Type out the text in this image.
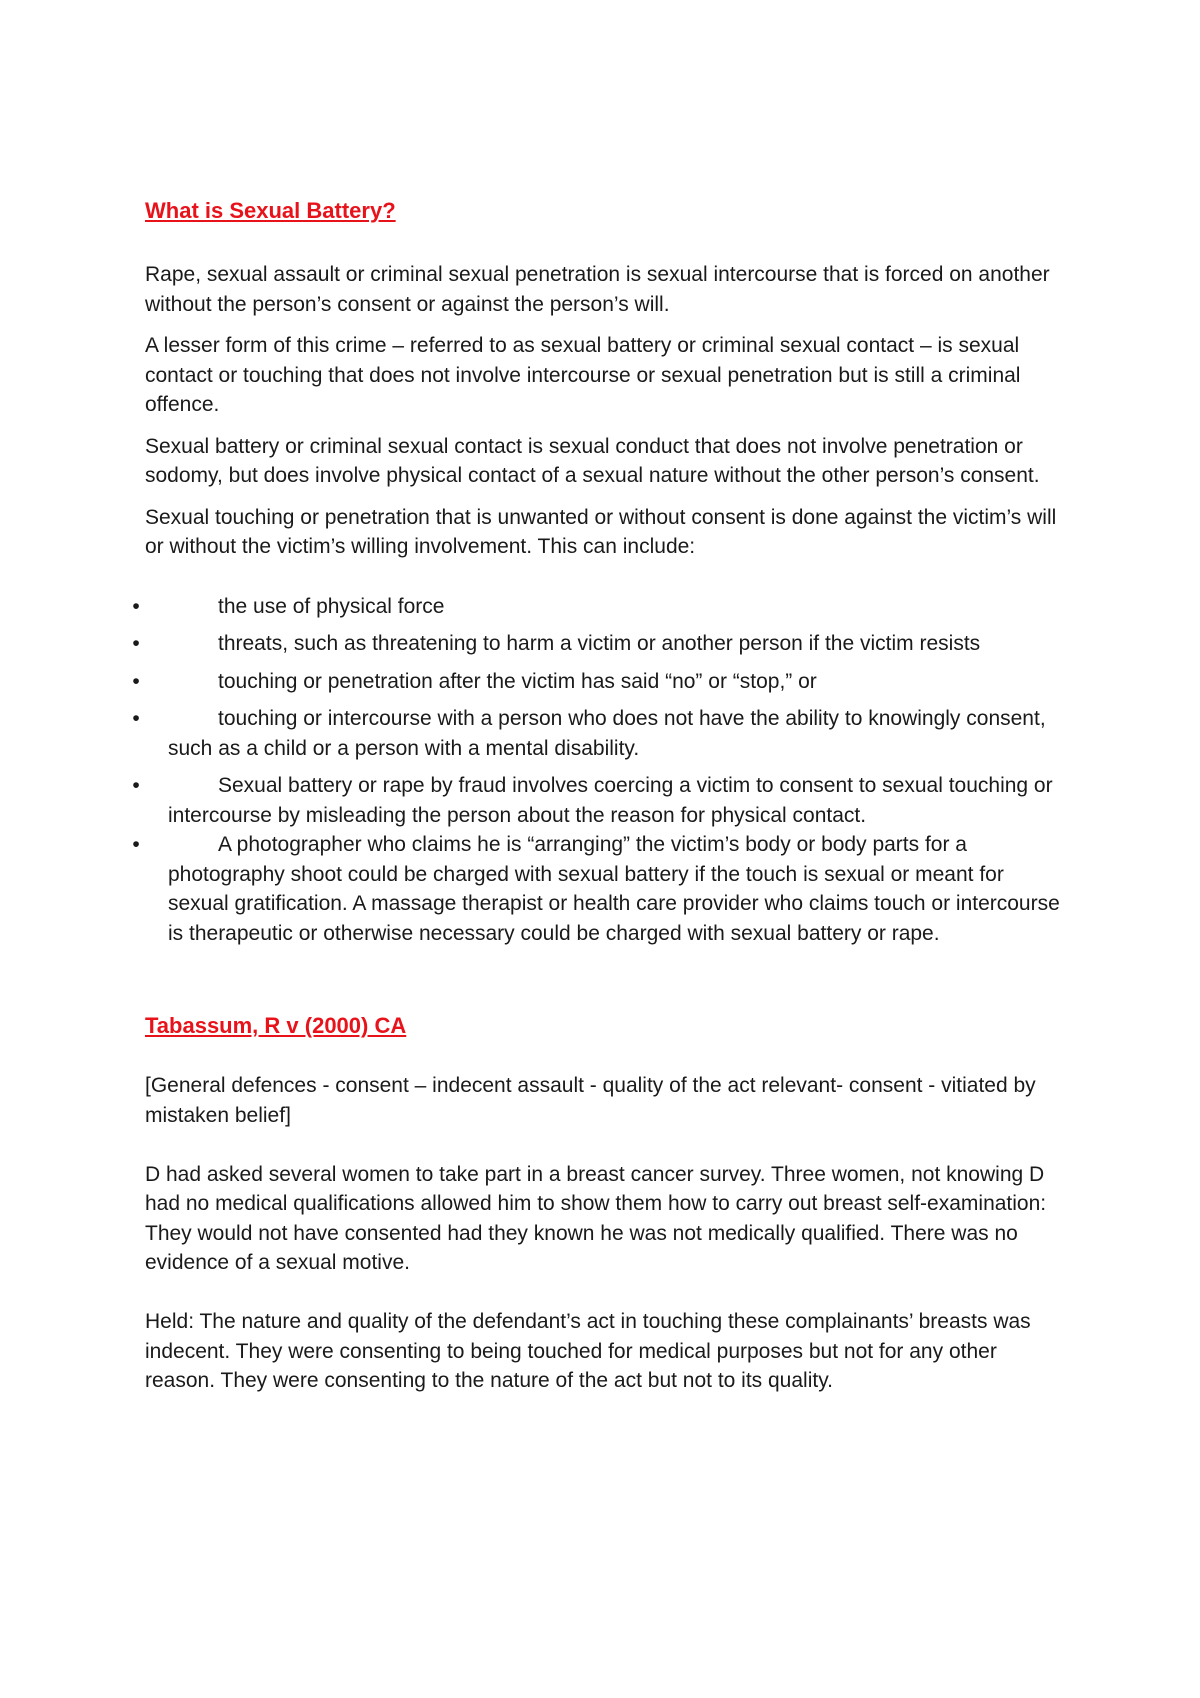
What is Sexual Battery?

Rape, sexual assault or criminal sexual penetration is sexual intercourse that is forced on another without the person’s consent or against the person’s will.

A lesser form of this crime – referred to as sexual battery or criminal sexual contact – is sexual contact or touching that does not involve intercourse or sexual penetration but is still a criminal offence.

Sexual battery or criminal sexual contact is sexual conduct that does not involve penetration or sodomy, but does involve physical contact of a sexual nature without the other person’s consent.

Sexual touching or penetration that is unwanted or without consent is done against the victim’s will or without the victim’s willing involvement. This can include:

•	the use of physical force
•	threats, such as threatening to harm a victim or another person if the victim resists
•	touching or penetration after the victim has said “no” or “stop,” or
•	touching or intercourse with a person who does not have the ability to knowingly consent, such as a child or a person with a mental disability.
•	Sexual battery or rape by fraud involves coercing a victim to consent to sexual touching or intercourse by misleading the person about the reason for physical contact.
•	A photographer who claims he is “arranging” the victim’s body or body parts for a photography shoot could be charged with sexual battery if the touch is sexual or meant for sexual gratification. A massage therapist or health care provider who claims touch or intercourse is therapeutic or otherwise necessary could be charged with sexual battery or rape.
Tabassum, R v (2000) CA

[General defences - consent – indecent assault - quality of the act relevant- consent - vitiated by mistaken belief]

D had asked several women to take part in a breast cancer survey. Three women, not knowing D had no medical qualifications allowed him to show them how to carry out breast self-examination: They would not have consented had they known he was not medically qualified. There was no evidence of a sexual motive.

Held: The nature and quality of the defendant’s act in touching these complainants’ breasts was indecent. They were consenting to being touched for medical purposes but not for any other reason. They were consenting to the nature of the act but not to its quality.
